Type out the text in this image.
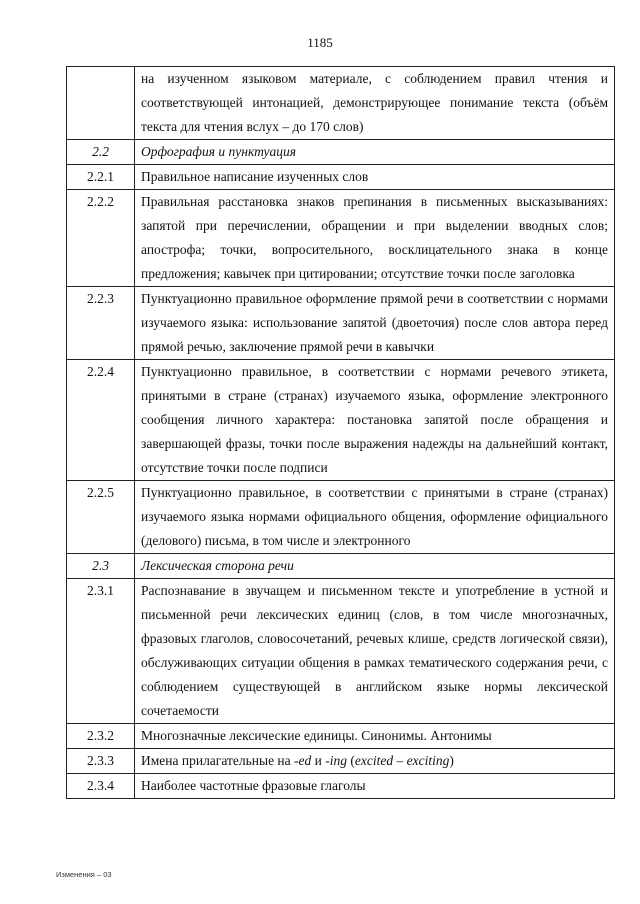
1185
	на изученном языковом материале, с соблюдением правил чтения и соответствующей интонацией, демонстрирующее понимание текста (объём текста для чтения вслух – до 170 слов)
2.2	Орфография и пунктуация
2.2.1	Правильное написание изученных слов
2.2.2	Правильная расстановка знаков препинания в письменных высказываниях: запятой при перечислении, обращении и при выделении вводных слов; апострофа; точки, вопросительного, восклицательного знака в конце предложения; кавычек при цитировании; отсутствие точки после заголовка
2.2.3	Пунктуационно правильное оформление прямой речи в соответствии с нормами изучаемого языка: использование запятой (двоеточия) после слов автора перед прямой речью, заключение прямой речи в кавычки
2.2.4	Пунктуационно правильное, в соответствии с нормами речевого этикета, принятыми в стране (странах) изучаемого языка, оформление электронного сообщения личного характера: постановка запятой после обращения и завершающей фразы, точки после выражения надежды на дальнейший контакт, отсутствие точки после подписи
2.2.5	Пунктуационно правильное, в соответствии с принятыми в стране (странах) изучаемого языка нормами официального общения, оформление официального (делового) письма, в том числе и электронного
2.3	Лексическая сторона речи
2.3.1	Распознавание в звучащем и письменном тексте и употребление в устной и письменной речи лексических единиц (слов, в том числе многозначных, фразовых глаголов, словосочетаний, речевых клише, средств логической связи), обслуживающих ситуации общения в рамках тематического содержания речи, с соблюдением существующей в английском языке нормы лексической сочетаемости
2.3.2	Многозначные лексические единицы. Синонимы. Антонимы
2.3.3	Имена прилагательные на -ed и -ing (excited – exciting)
2.3.4	Наиболее частотные фразовые глаголы
Изменения – 03
